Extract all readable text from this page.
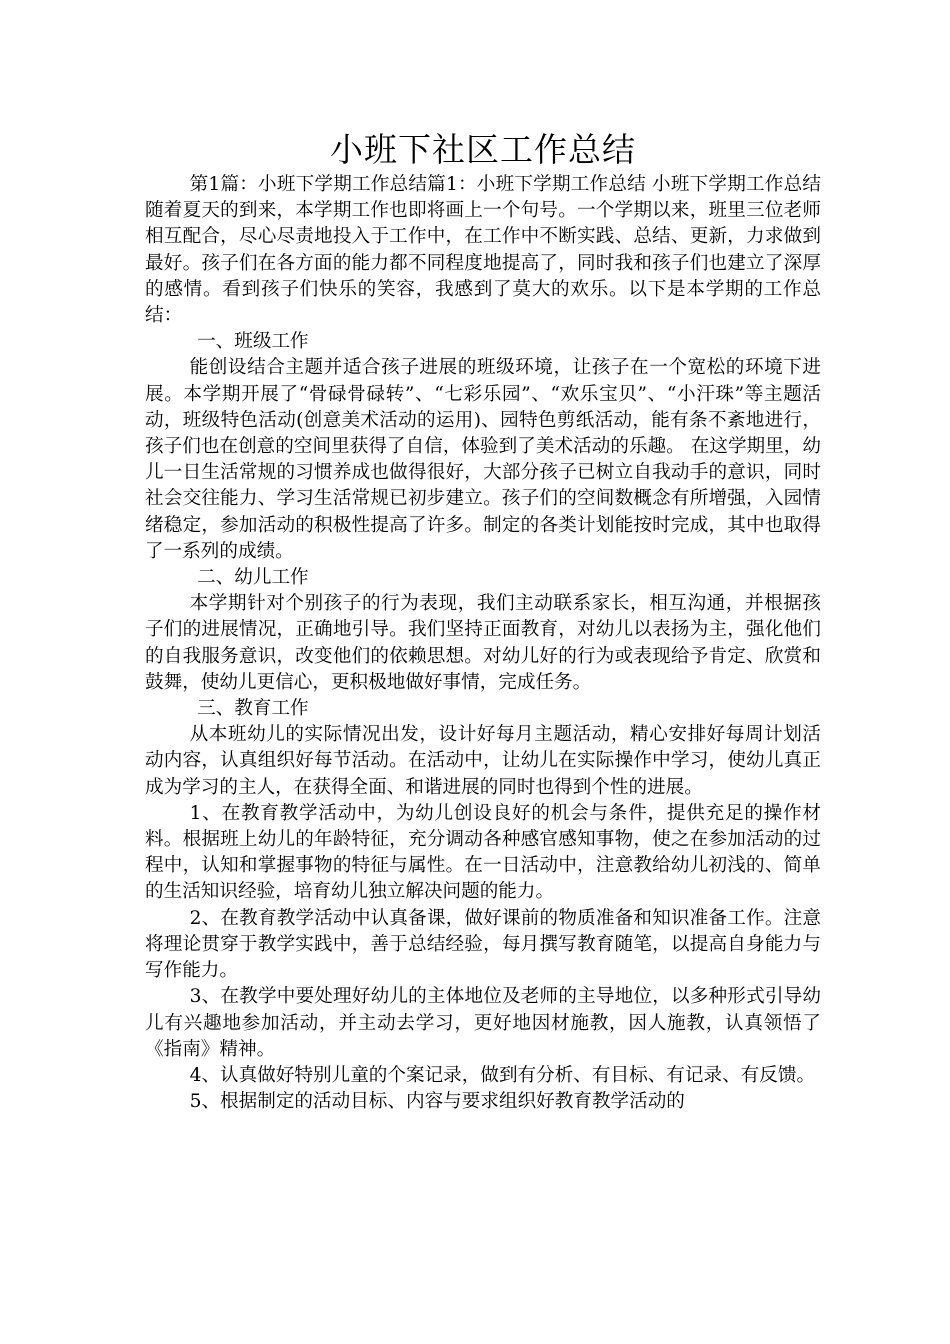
小班下社区工作总结

第1篇：小班下学期工作总结篇1：小班下学期工作总结 小班下学期工作总结 随着夏天的到来，本学期工作也即将画上一个句号。一个学期以来，班里三位老师相互配合，尽心尽责地投入于工作中，在工作中不断实践、总结、更新，力求做到最好。孩子们在各方面的能力都不同程度地提高了，同时我和孩子们也建立了深厚的感情。看到孩子们快乐的笑容，我感到了莫大的欢乐。以下是本学期的工作总结：

一、班级工作

能创设结合主题并适合孩子进展的班级环境，让孩子在一个宽松的环境下进展。本学期开展了“骨碌骨碌转”、“七彩乐园”、“欢乐宝贝”、“小汗珠”等主题活动，班级特色活动(创意美术活动的运用)、园特色剪纸活动，能有条不紊地进行，孩子们也在创意的空间里获得了自信，体验到了美术活动的乐趣。 在这学期里，幼儿一日生活常规的习惯养成也做得很好，大部分孩子已树立自我动手的意识，同时社会交往能力、学习生活常规已初步建立。孩子们的空间数概念有所增强，入园情绪稳定，参加活动的积极性提高了许多。制定的各类计划能按时完成，其中也取得了一系列的成绩。

二、幼儿工作

本学期针对个别孩子的行为表现，我们主动联系家长，相互沟通，并根据孩子们的进展情况，正确地引导。我们坚持正面教育，对幼儿以表扬为主，强化他们的自我服务意识，改变他们的依赖思想。对幼儿好的行为或表现给予肯定、欣赏和鼓舞，使幼儿更信心，更积极地做好事情，完成任务。

三、教育工作

从本班幼儿的实际情况出发，设计好每月主题活动，精心安排好每周计划活动内容，认真组织好每节活动。在活动中，让幼儿在实际操作中学习，使幼儿真正成为学习的主人，在获得全面、和谐进展的同时也得到个性的进展。

1、在教育教学活动中，为幼儿创设良好的机会与条件，提供充足的操作材料。根据班上幼儿的年龄特征，充分调动各种感官感知事物，使之在参加活动的过程中，认知和掌握事物的特征与属性。在一日活动中，注意教给幼儿初浅的、简单的生活知识经验，培育幼儿独立解决问题的能力。

2、在教育教学活动中认真备课，做好课前的物质准备和知识准备工作。注意将理论贯穿于教学实践中，善于总结经验，每月撰写教育随笔，以提高自身能力与写作能力。

3、在教学中要处理好幼儿的主体地位及老师的主导地位，以多种形式引导幼儿有兴趣地参加活动，并主动去学习，更好地因材施教，因人施教，认真领悟了《指南》精神。

4、认真做好特别儿童的个案记录，做到有分析、有目标、有记录、有反馈。

5、根据制定的活动目标、内容与要求组织好教育教学活动的
